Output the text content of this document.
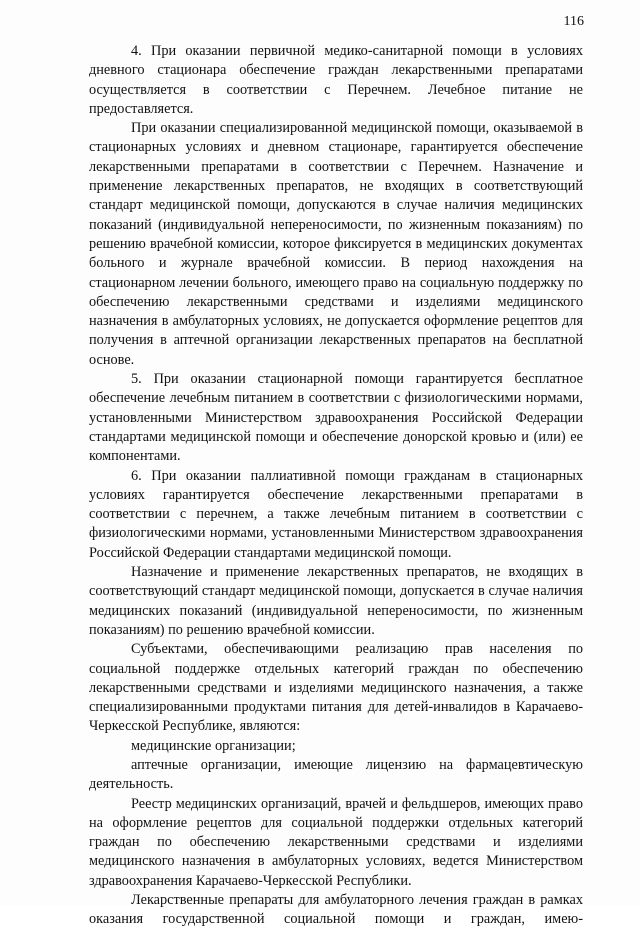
116

4. При оказании первичной медико-санитарной помощи в условиях дневного стационара обеспечение граждан лекарственными препаратами осуществляется в соответствии с Перечнем. Лечебное питание не предоставляется.

При оказании специализированной медицинской помощи, оказываемой в стационарных условиях и дневном стационаре, гарантируется обеспечение лекарственными препаратами в соответствии с Перечнем. Назначение и применение лекарственных препаратов, не входящих в соответствующий стандарт медицинской помощи, допускаются в случае наличия медицинских показаний (индивидуальной непереносимости, по жизненным показаниям) по решению врачебной комиссии, которое фиксируется в медицинских документах больного и журнале врачебной комиссии. В период нахождения на стационарном лечении больного, имеющего право на социальную поддержку по обеспечению лекарственными средствами и изделиями медицинского назначения в амбулаторных условиях, не допускается оформление рецептов для получения в аптечной организации лекарственных препаратов на бесплатной основе.

5. При оказании стационарной помощи гарантируется бесплатное обеспечение лечебным питанием в соответствии с физиологическими нормами, установленными Министерством здравоохранения Российской Федерации стандартами медицинской помощи и обеспечение донорской кровью и (или) ее компонентами.

6. При оказании паллиативной помощи гражданам в стационарных условиях гарантируется обеспечение лекарственными препаратами в соответствии с перечнем, а также лечебным питанием в соответствии с физиологическими нормами, установленными Министерством здравоохранения Российской Федерации стандартами медицинской помощи.

Назначение и применение лекарственных препаратов, не входящих в соответствующий стандарт медицинской помощи, допускается в случае наличия медицинских показаний (индивидуальной непереносимости, по жизненным показаниям) по решению врачебной комиссии.

Субъектами, обеспечивающими реализацию прав населения по социальной поддержке отдельных категорий граждан по обеспечению лекарственными средствами и изделиями медицинского назначения, а также специализированными продуктами питания для детей-инвалидов в Карачаево-Черкесской Республике, являются:

медицинские организации;

аптечные организации, имеющие лицензию на фармацевтическую деятельность.

Реестр медицинских организаций, врачей и фельдшеров, имеющих право на оформление рецептов для социальной поддержки отдельных категорий граждан по обеспечению лекарственными средствами и изделиями медицинского назначения в амбулаторных условиях, ведется Министерством здравоохранения Карачаево-Черкесской Республики.

Лекарственные препараты для амбулаторного лечения граждан в рамках оказания государственной социальной помощи и граждан, имею-
